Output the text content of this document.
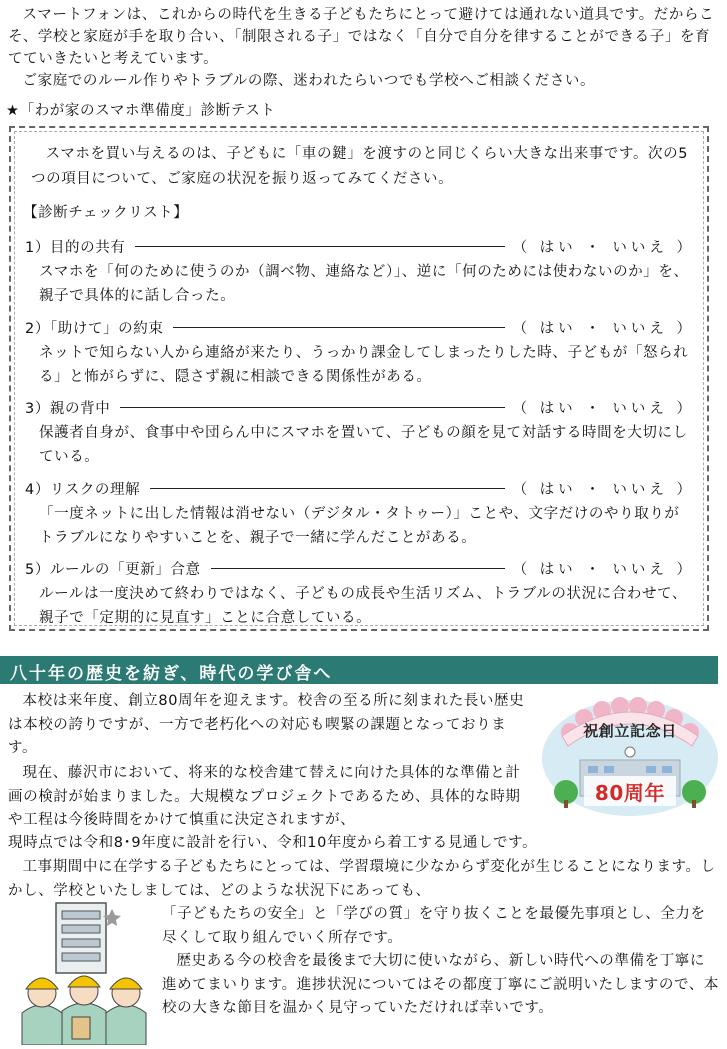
スマートフォンは、これからの時代を生きる子どもたちにとって避けては通れない道具です。だからこそ、学校と家庭が手を取り合い、「制限される子」ではなく「自分で自分を律することができる子」を育てていきたいと考えています。

ご家庭でのルール作りやトラブルの際、迷われたらいつでも学校へご相談ください。

★「わが家のスマホ準備度」診断テスト

スマホを買い与えるのは、子どもに「車の鍵」を渡すのと同じくらい大きな出来事です。次の5つの項目について、ご家庭の状況を振り返ってみてください。

【診断チェックリスト】

1）目的の共有	（ はい ・ いいえ ）
スマホを「何のために使うのか（調べ物、連絡など）」、逆に「何のためには使わないのか」を、親子で具体的に話し合った。
2）「助けて」の約束	（ はい ・ いいえ ）
ネットで知らない人から連絡が来たり、うっかり課金してしまったりした時、子どもが「怒られる」と怖がらずに、隠さず親に相談できる関係性がある。
3）親の背中	（ はい ・ いいえ ）
保護者自身が、食事中や団らん中にスマホを置いて、子どもの顔を見て対話する時間を大切にしている。
4）リスクの理解	（ はい ・ いいえ ）
「一度ネットに出した情報は消せない（デジタル・タトゥー）」ことや、文字だけのやり取りがトラブルになりやすいことを、親子で一緒に学んだことがある。
5）ルールの「更新」合意	（ はい ・ いいえ ）
ルールは一度決めて終わりではなく、子どもの成長や生活リズム、トラブルの状況に合わせて、親子で「定期的に見直す」ことに合意している。
八十年の歴史を紡ぎ、時代の学び舎へ

本校は来年度、創立80周年を迎えます。校舎の至る所に刻まれた長い歴史は本校の誇りですが、一方で老朽化への対応も喫緊の課題となっております。

現在、藤沢市において、将来的な校舎建て替えに向けた具体的な準備と計画の検討が始まりました。大規模なプロジェクトであるため、具体的な時期や工程は今後時間をかけて慎重に決定されますが、

現時点では令和8･9年度に設計を行い、令和10年度から着工する見通しです。

工事期間中に在学する子どもたちにとっては、学習環境に少なからず変化が生じることになります。しかし、学校といたしましては、どのような状況下にあっても、

「子どもたちの安全」と「学びの質」を守り抜くことを最優先事項とし、全力を尽くして取り組んでいく所存です。

歴史ある今の校舎を最後まで大切に使いながら、新しい時代への準備を丁寧に進めてまいります。進捗状況についてはその都度丁寧にご説明いたしますので、本校の大きな節目を温かく見守っていただければ幸いです。

祝創立記念日
80周年
